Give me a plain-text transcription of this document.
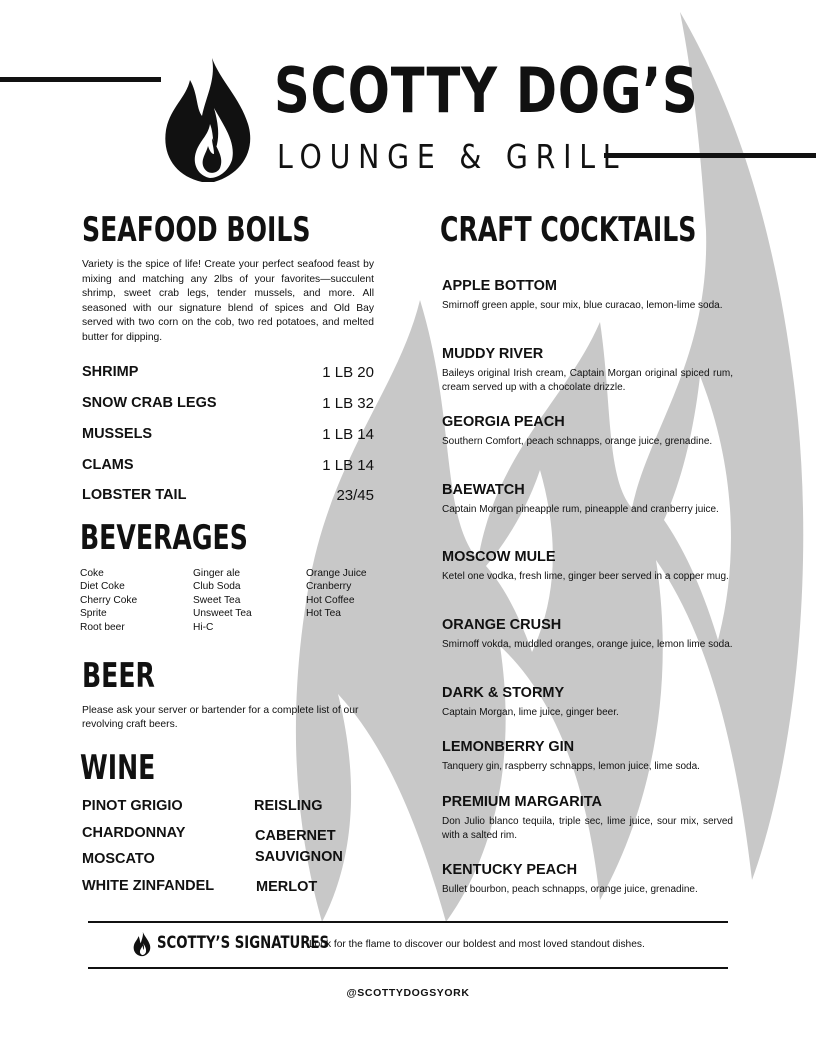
SCOTTY DOG’S
LOUNGE & GRILL
SEAFOOD BOILS
Variety is the spice of life! Create your perfect seafood feast by mixing and matching any 2lbs of your favorites—succulent shrimp, sweet crab legs, tender mussels, and more. All seasoned with our signature blend of spices and Old Bay served with two corn on the cob, two red potatoes, and melted butter for dipping.
SHRIMP	1 LB 20
SNOW CRAB LEGS	1 LB 32
MUSSELS	1 LB 14
CLAMS	1 LB 14
LOBSTER TAIL	23/45
BEVERAGES
Coke
Diet Coke
Cherry Coke
Sprite
Root beer
Ginger ale
Club Soda
Sweet Tea
Unsweet Tea
Hi-C
Orange Juice
Cranberry
Hot Coffee
Hot Tea
BEER
Please ask your server or bartender for a complete list of our revolving craft beers.
WINE
PINOT GRIGIO
CHARDONNAY
MOSCATO
WHITE ZINFANDEL
REISLING
CABERNET
SAUVIGNON
MERLOT
CRAFT COCKTAILS
APPLE BOTTOM
Smirnoff green apple, sour mix, blue curacao, lemon-lime soda.
MUDDY RIVER
Baileys original Irish cream, Captain Morgan original spiced rum, cream served up with a chocolate drizzle.
GEORGIA PEACH
Southern Comfort, peach schnapps, orange juice, grenadine.
BAEWATCH
Captain Morgan pineapple rum, pineapple and cranberry juice.
MOSCOW MULE
Ketel one vodka, fresh lime, ginger beer served in a copper mug.
ORANGE CRUSH
Smirnoff vokda, muddled oranges, orange juice, lemon lime soda.
DARK & STORMY
Captain Morgan, lime juice, ginger beer.
LEMONBERRY GIN
Tanquery gin, raspberry schnapps, lemon juice, lime soda.
PREMIUM MARGARITA
Don Julio blanco tequila, triple sec, lime juice, sour mix, served with a salted rim.
KENTUCKY PEACH
Bullet bourbon, peach schnapps, orange juice, grenadine.
SCOTTY’S SIGNATURES
Look for the flame to discover our boldest and most loved standout dishes.
@SCOTTYDOGSYORK
